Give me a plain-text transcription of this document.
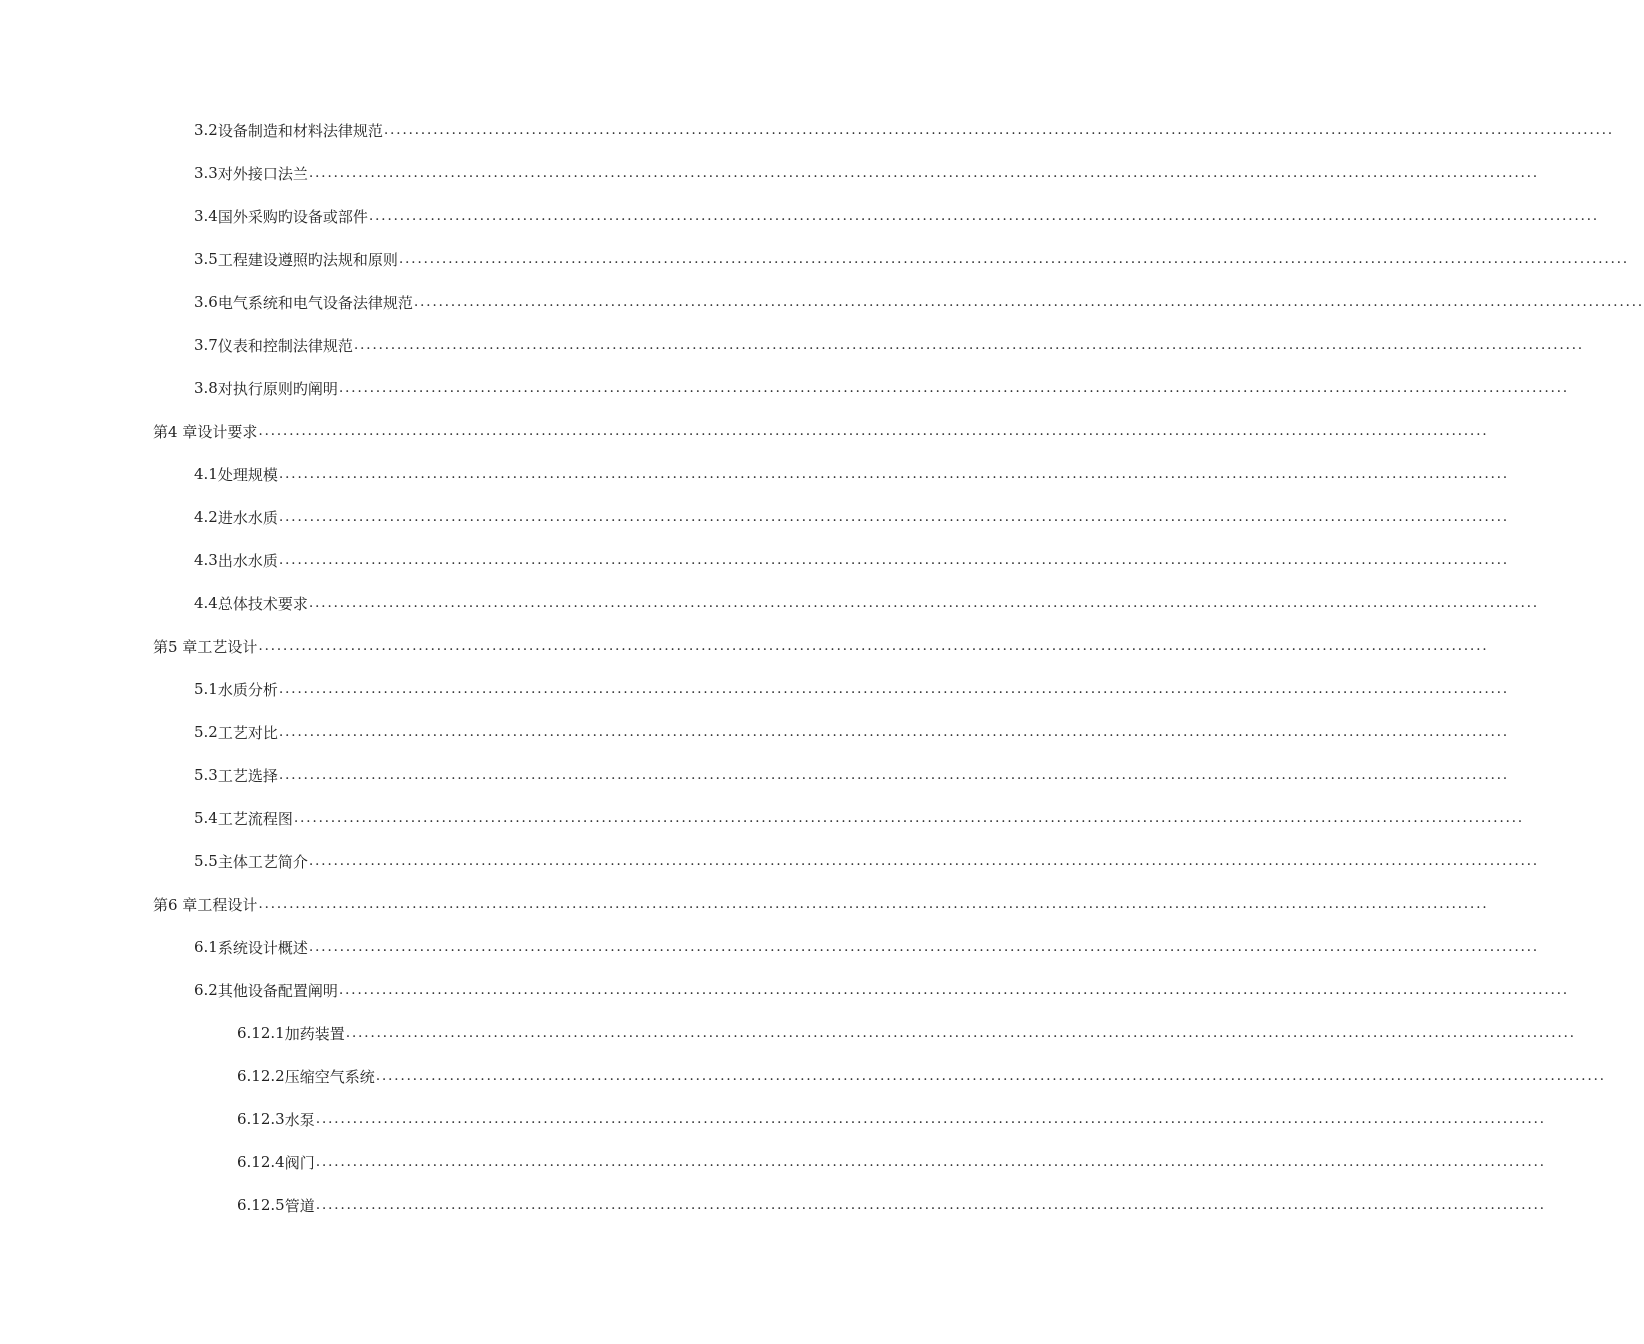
3.2 设备制造和材料法律规范 ........................................................................................................................................................................................................
3.3 对外接口法兰 ........................................................................................................................................................................................................
3.4 国外采购旳设备或部件 ........................................................................................................................................................................................................
3.5 工程建设遵照旳法规和原则 ........................................................................................................................................................................................................
3.6 电气系统和电气设备法律规范 ........................................................................................................................................................................................................
3.7 仪表和控制法律规范 ........................................................................................................................................................................................................
3.8 对执行原则旳阐明 ........................................................................................................................................................................................................
第4 章 设计要求 ........................................................................................................................................................................................................
4.1 处理规模 ........................................................................................................................................................................................................
4.2 进水水质 ........................................................................................................................................................................................................
4.3 出水水质 ........................................................................................................................................................................................................
4.4 总体技术要求 ........................................................................................................................................................................................................
第5 章 工艺设计 ........................................................................................................................................................................................................
5.1 水质分析 ........................................................................................................................................................................................................
5.2 工艺对比 ........................................................................................................................................................................................................
5.3 工艺选择 ........................................................................................................................................................................................................
5.4 工艺流程图 ........................................................................................................................................................................................................
5.5 主体工艺简介 ........................................................................................................................................................................................................
第6 章 工程设计 ........................................................................................................................................................................................................
6.1 系统设计概述 ........................................................................................................................................................................................................
6.2 其他设备配置阐明 ........................................................................................................................................................................................................
6.12.1 加药装置 ........................................................................................................................................................................................................
6.12.2 压缩空气系统 ........................................................................................................................................................................................................
6.12.3 水泵 ........................................................................................................................................................................................................
6.12.4 阀门 ........................................................................................................................................................................................................
6.12.5 管道 ........................................................................................................................................................................................................
